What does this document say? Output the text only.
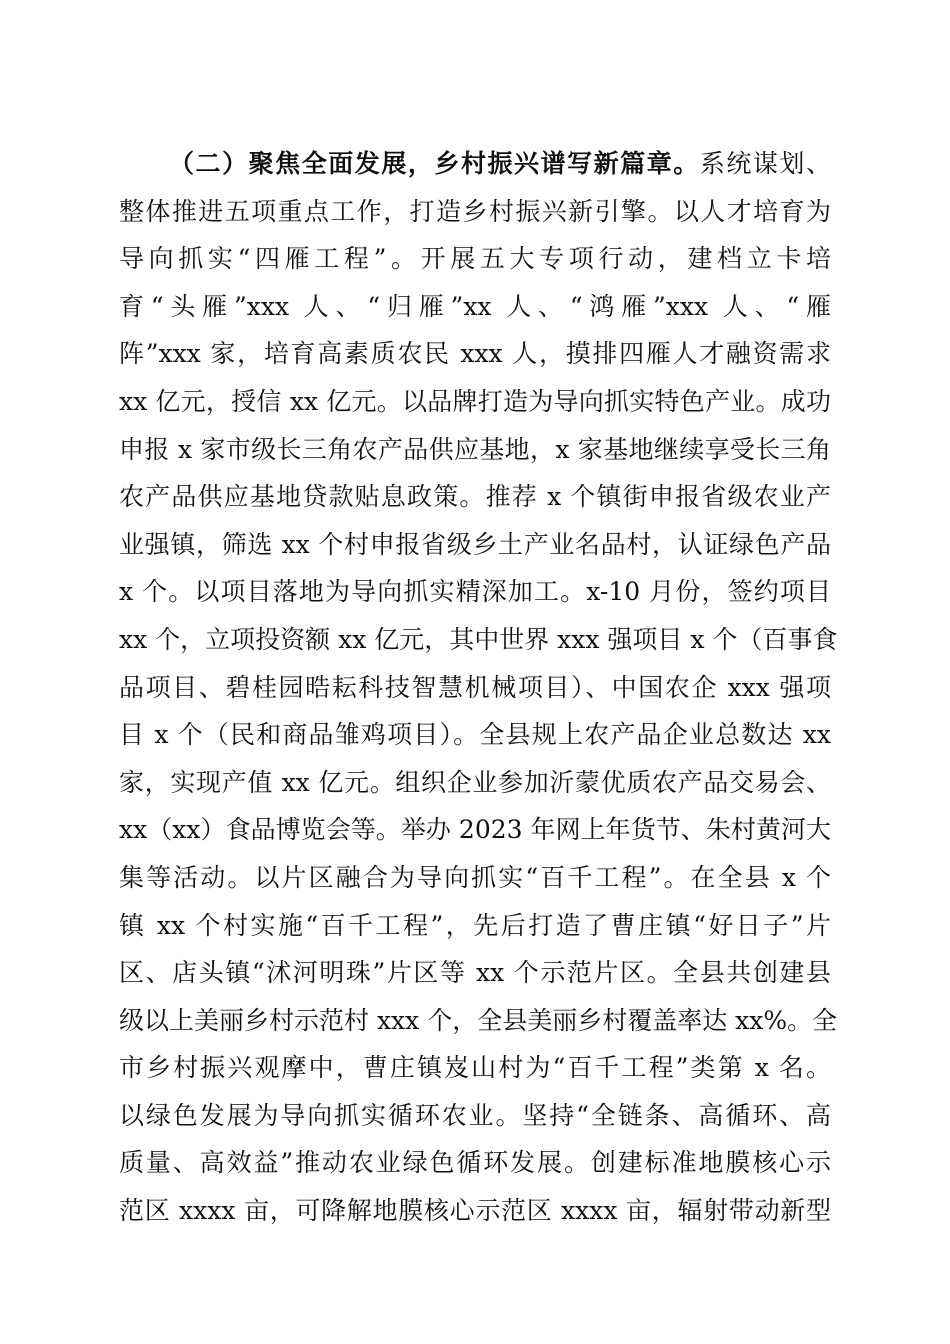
（二）聚焦全面发展，乡村振兴谱写新篇章。系统谋划、
整体推进五项重点工作，打造乡村振兴新引擎。以人才培育为
导向抓实“四雁工程”。开展五大专项行动，建档立卡培
育“头雁”xxx 人、“归雁”xx 人、“鸿雁”xxx 人、“雁
阵”xxx 家，培育高素质农民 xxx 人，摸排四雁人才融资需求
xx 亿元，授信 xx 亿元。以品牌打造为导向抓实特色产业。成功
申报 x 家市级长三角农产品供应基地，x 家基地继续享受长三角
农产品供应基地贷款贴息政策。推荐 x 个镇街申报省级农业产
业强镇，筛选 xx 个村申报省级乡土产业名品村，认证绿色产品
x 个。以项目落地为导向抓实精深加工。x-10 月份，签约项目
xx 个，立项投资额 xx 亿元，其中世界 xxx 强项目 x 个（百事食
品项目、碧桂园晧耘科技智慧机械项目）、中国农企 xxx 强项
目 x 个（民和商品雏鸡项目）。全县规上农产品企业总数达 xx
家，实现产值 xx 亿元。组织企业参加沂蒙优质农产品交易会、
xx（xx）食品博览会等。举办 2023 年网上年货节、朱村黄河大
集等活动。以片区融合为导向抓实“百千工程”。在全县 x 个
镇 xx 个村实施“百千工程”，先后打造了曹庄镇“好日子”片
区、店头镇“沭河明珠”片区等 xx 个示范片区。全县共创建县
级以上美丽乡村示范村 xxx 个，全县美丽乡村覆盖率达 xx%。全
市乡村振兴观摩中，曹庄镇岌山村为“百千工程”类第 x 名。
以绿色发展为导向抓实循环农业。坚持“全链条、高循环、高
质量、高效益”推动农业绿色循环发展。创建标准地膜核心示
范区 xxxx 亩，可降解地膜核心示范区 xxxx 亩，辐射带动新型
